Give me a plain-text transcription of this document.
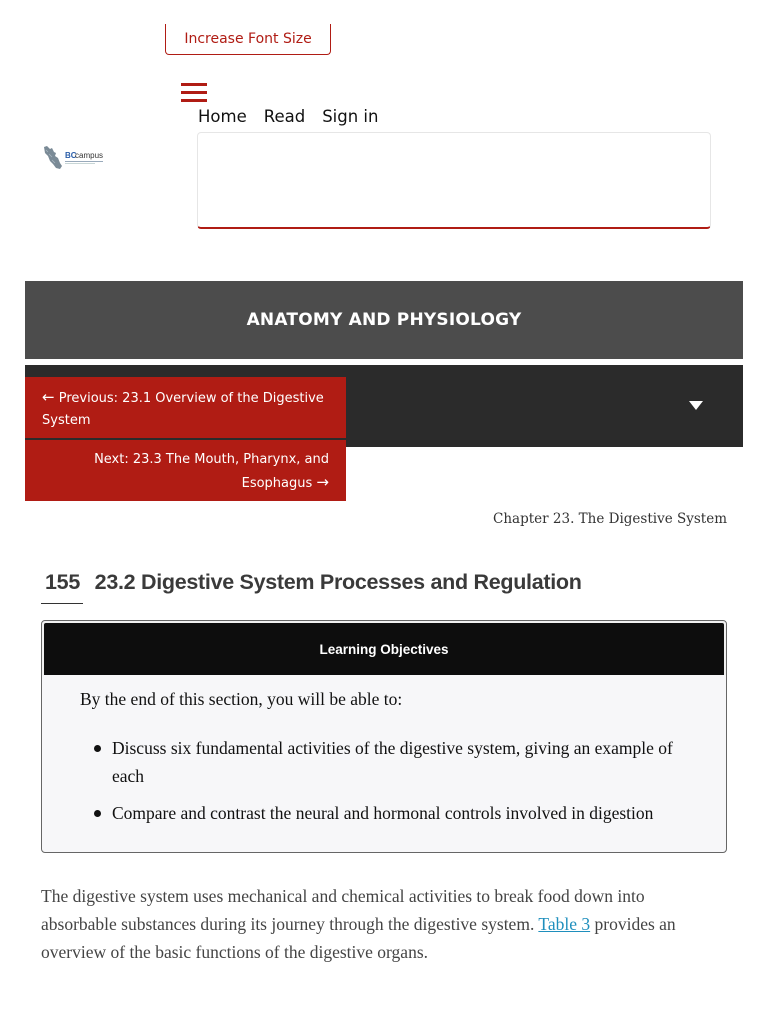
Increase Font Size
Home Read Sign in
BC
campus
ANATOMY AND PHYSIOLOGY
← Previous: 23.1 Overview of the Digestive System
Next: 23.3 The Mouth, Pharynx, and Esophagus →
Chapter 23. The Digestive System
155 23.2 Digestive System Processes and Regulation
Learning Objectives

By the end of this section, you will be able to:

Discuss six fundamental activities of the digestive system, giving an example of each
Compare and contrast the neural and hormonal controls involved in digestion

The digestive system uses mechanical and chemical activities to break food down into absorbable substances during its journey through the digestive system. Table 3 provides an overview of the basic functions of the digestive organs.
